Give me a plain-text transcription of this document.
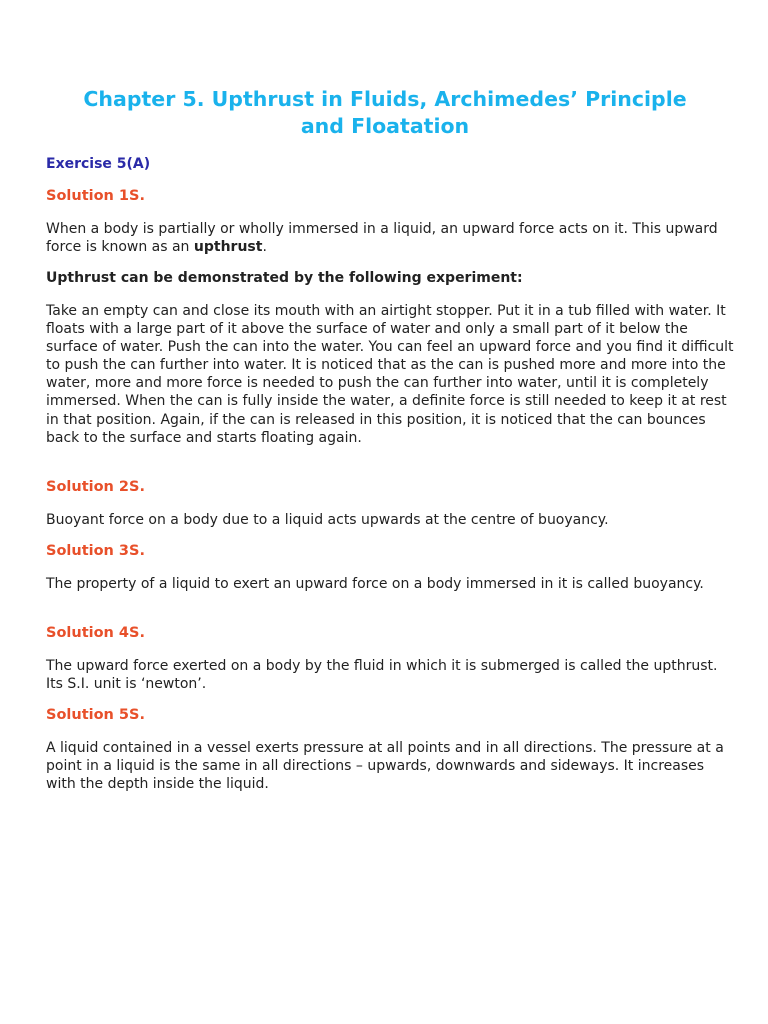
Chapter 5. Upthrust in Fluids, Archimedes’ Principle
and Floatation
Exercise 5(A)
Solution 1S.

When a body is partially or wholly immersed in a liquid, an upward force acts on it. This upward force is known as an upthrust.

Upthrust can be demonstrated by the following experiment:

Take an empty can and close its mouth with an airtight stopper. Put it in a tub filled with water. It floats with a large part of it above the surface of water and only a small part of it below the surface of water. Push the can into the water. You can feel an upward force and you find it difficult to push the can further into water. It is noticed that as the can is pushed more and more into the water, more and more force is needed to push the can further into water, until it is completely immersed. When the can is fully inside the water, a definite force is still needed to keep it at rest in that position. Again, if the can is released in this position, it is noticed that the can bounces back to the surface and starts floating again.

Solution 2S.

Buoyant force on a body due to a liquid acts upwards at the centre of buoyancy.

Solution 3S.

The property of a liquid to exert an upward force on a body immersed in it is called buoyancy.

Solution 4S.

The upward force exerted on a body by the fluid in which it is submerged is called the upthrust. Its S.I. unit is ‘newton’.

Solution 5S.

A liquid contained in a vessel exerts pressure at all points and in all directions. The pressure at a point in a liquid is the same in all directions – upwards, downwards and sideways. It increases with the depth inside the liquid.
